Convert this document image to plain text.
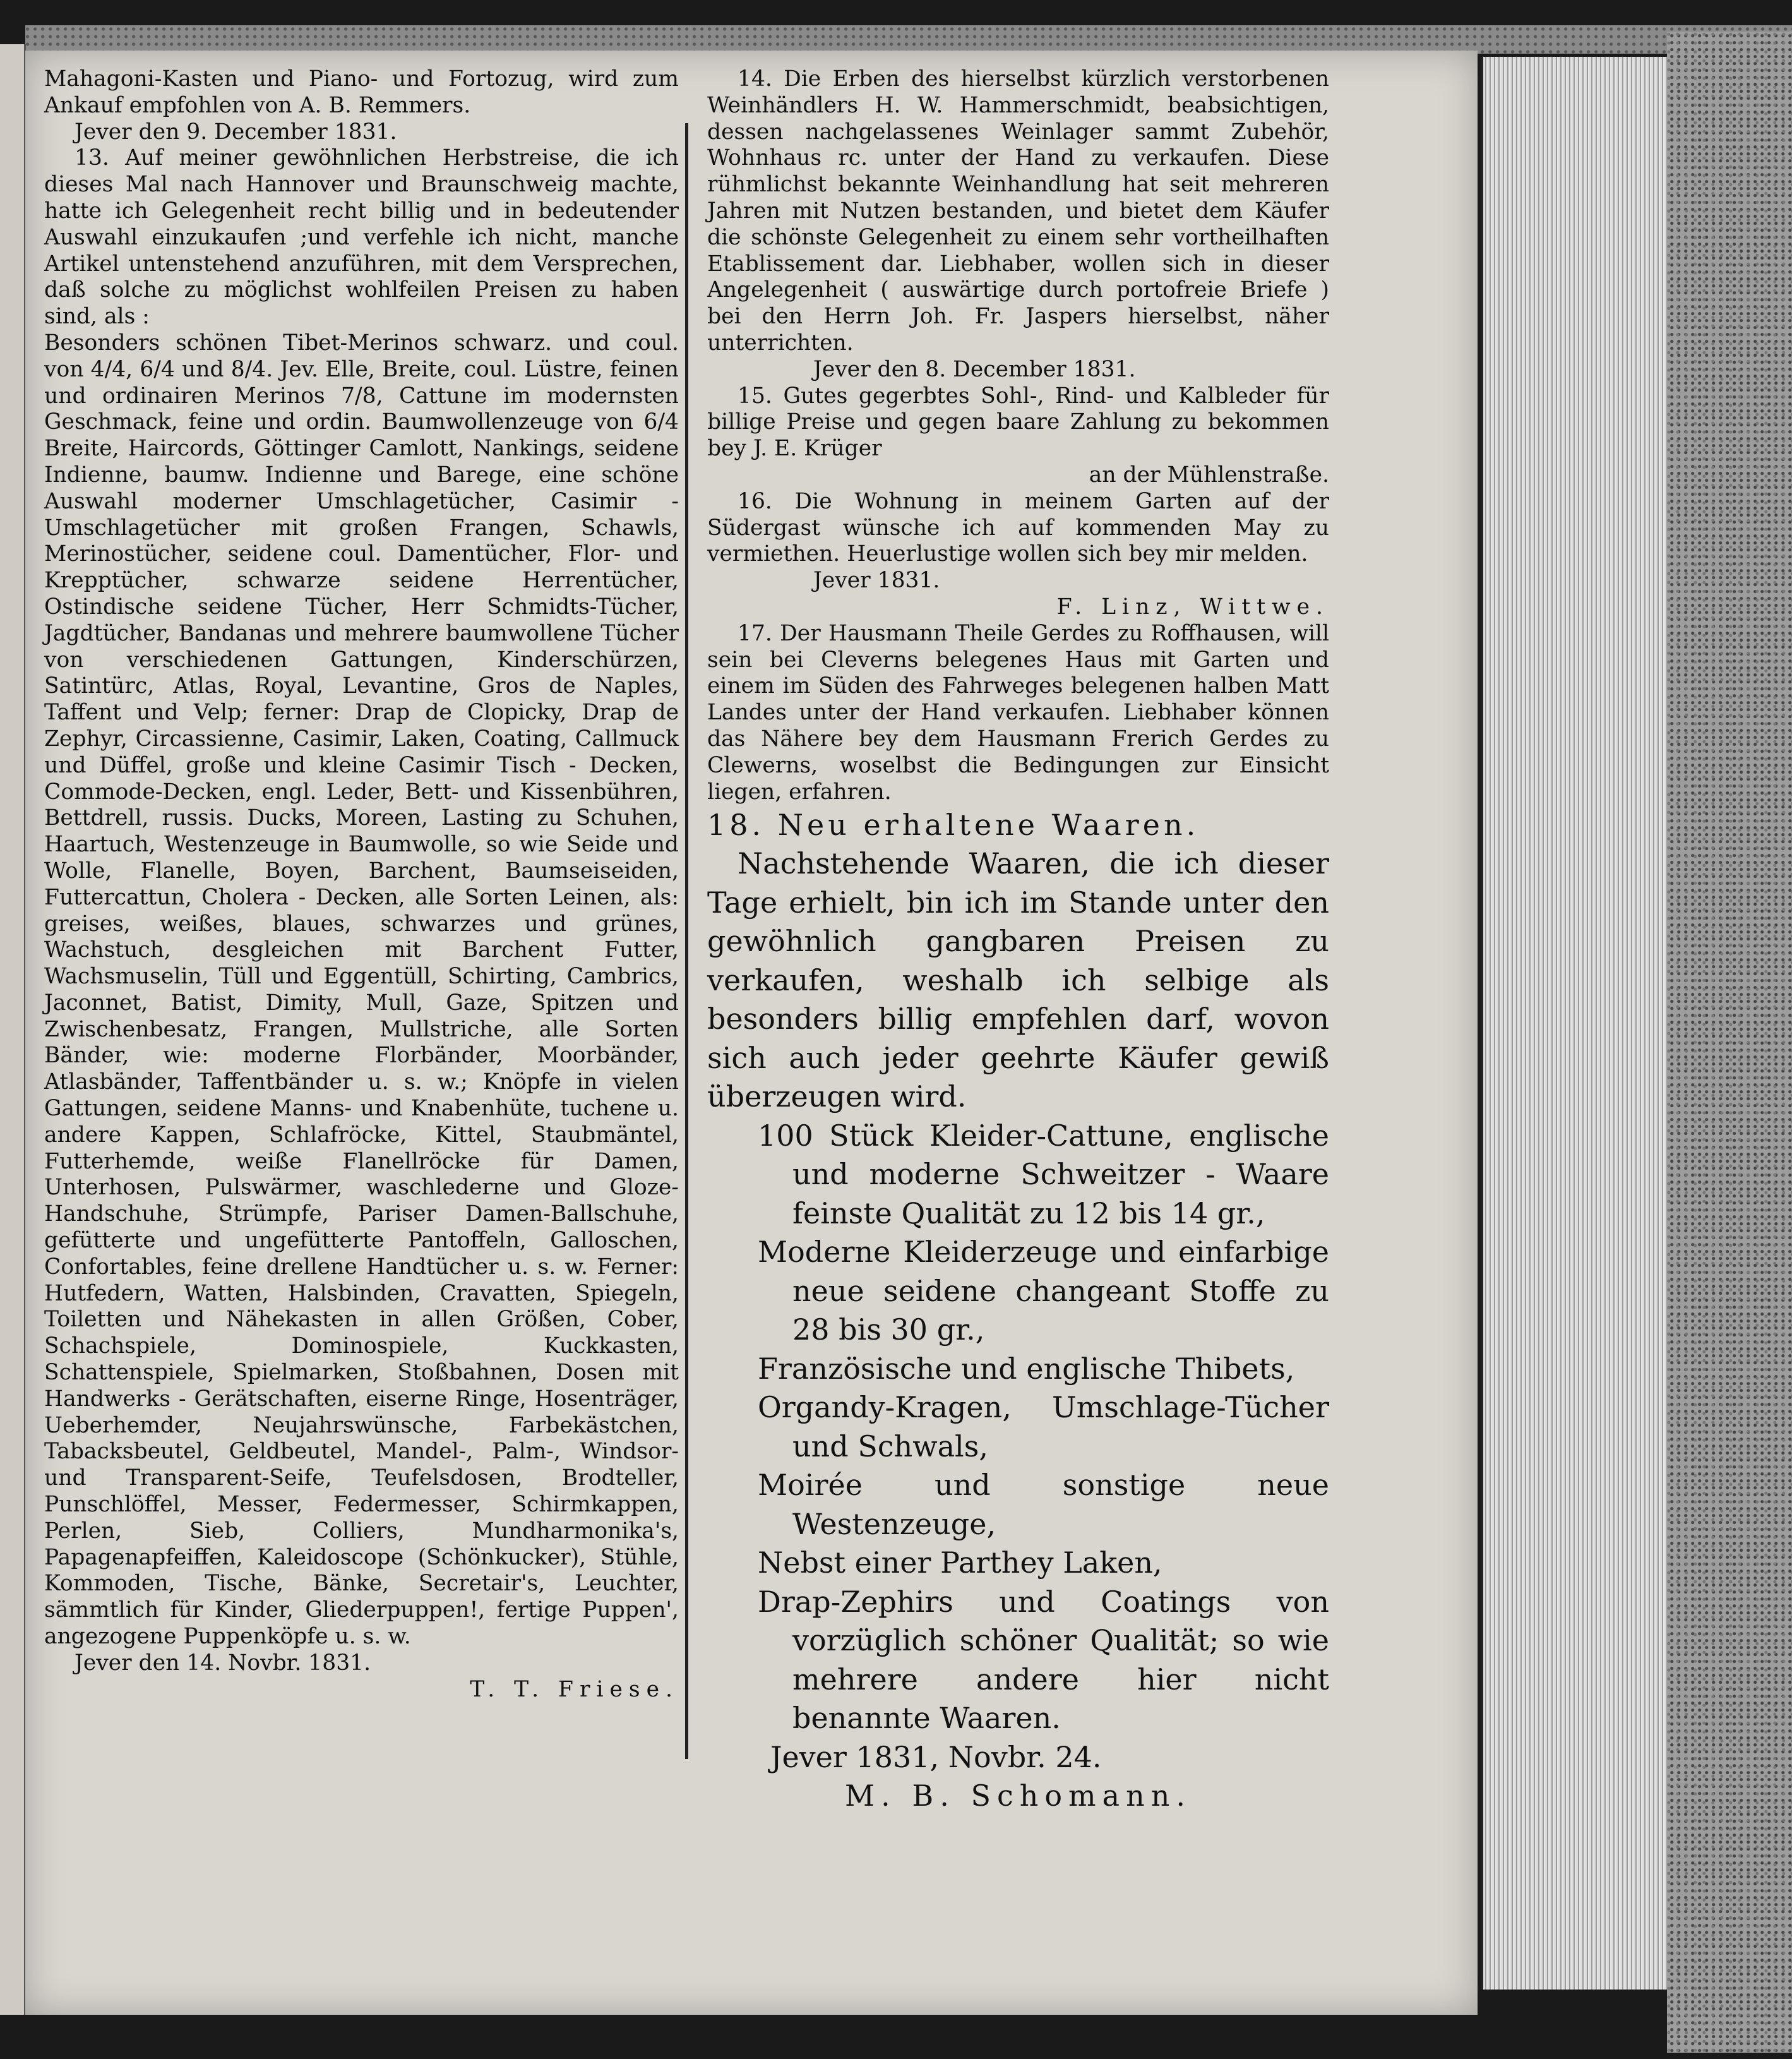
Mahagoni-Kasten und Piano- und Fortozug, wird zum Ankauf empfohlen von A. B. Remmers.

Jever den 9. December 1831.

13. Auf meiner gewöhnlichen Herbstreise, die ich dieses Mal nach Hannover und Braunschweig machte, hatte ich Gelegenheit recht billig und in bedeutender Auswahl einzukaufen ;und verfehle ich nicht, manche Artikel untenstehend anzuführen, mit dem Versprechen, daß solche zu möglichst wohlfeilen Preisen zu haben sind, als :

Besonders schönen Tibet-Merinos schwarz. und coul. von 4/4, 6/4 und 8/4. Jev. Elle, Breite, coul. Lüstre, feinen und ordinairen Merinos 7/8, Cattune im modernsten Geschmack, feine und ordin. Baumwollenzeuge von 6/4 Breite, Haircords, Göttinger Camlott, Nankings, seidene Indienne, baumw. Indienne und Barege, eine schöne Auswahl moderner Umschlagetücher, Casimir - Umschlagetücher mit großen Frangen, Schawls, Merinostücher, seidene coul. Damentücher, Flor- und Krepptücher, schwarze seidene Herrentücher, Ostindische seidene Tücher, Herr Schmidts-Tücher, Jagdtücher, Bandanas und mehrere baumwollene Tücher von verschiedenen Gattungen, Kinderschürzen, Satintürc, Atlas, Royal, Levantine, Gros de Naples, Taffent und Velp; ferner: Drap de Clopicky, Drap de Zephyr, Circassienne, Casimir, Laken, Coating, Callmuck und Düffel, große und kleine Casimir Tisch - Decken, Commode-Decken, engl. Leder, Bett- und Kissenbühren, Bettdrell, russis. Ducks, Moreen, Lasting zu Schuhen, Haartuch, Westenzeuge in Baumwolle, so wie Seide und Wolle, Flanelle, Boyen, Barchent, Baumseiseiden, Futtercattun, Cholera - Decken, alle Sorten Leinen, als: greises, weißes, blaues, schwarzes und grünes, Wachstuch, desgleichen mit Barchent Futter, Wachsmuselin, Tüll und Eggentüll, Schirting, Cambrics, Jaconnet, Batist, Dimity, Mull, Gaze, Spitzen und Zwischenbesatz, Frangen, Mullstriche, alle Sorten Bänder, wie: moderne Florbänder, Moorbänder, Atlasbänder, Taffentbänder u. s. w.; Knöpfe in vielen Gattungen, seidene Manns- und Knabenhüte, tuchene u. andere Kappen, Schlafröcke, Kittel, Staubmäntel, Futterhemde, weiße Flanellröcke für Damen, Unterhosen, Pulswärmer, waschlederne und Gloze-Handschuhe, Strümpfe, Pariser Damen-Ballschuhe, gefütterte und ungefütterte Pantoffeln, Galloschen, Confortables, feine drellene Handtücher u. s. w. Ferner: Hutfedern, Watten, Halsbinden, Cravatten, Spiegeln, Toiletten und Nähekasten in allen Größen, Cober, Schachspiele, Dominospiele, Kuckkasten, Schattenspiele, Spielmarken, Stoßbahnen, Dosen mit Handwerks - Gerätschaften, eiserne Ringe, Hosenträger, Ueberhemder, Neujahrswünsche, Farbekästchen, Tabacksbeutel, Geldbeutel, Mandel-, Palm-, Windsor- und Transparent-Seife, Teufelsdosen, Brodteller, Punschlöffel, Messer, Federmesser, Schirmkappen, Perlen, Sieb, Colliers, Mundharmonika's, Papagenapfeiffen, Kaleidoscope (Schönkucker), Stühle, Kommoden, Tische, Bänke, Secretair's, Leuchter, sämmtlich für Kinder, Gliederpuppen!, fertige Puppen', angezogene Puppenköpfe u. s. w.

Jever den 14. Novbr. 1831.

T. T. Friese.

14. Die Erben des hierselbst kürzlich verstorbenen Weinhändlers H. W. Hammerschmidt, beabsichtigen, dessen nachgelassenes Weinlager sammt Zubehör, Wohnhaus rc. unter der Hand zu verkaufen. Diese rühmlichst bekannte Weinhandlung hat seit mehreren Jahren mit Nutzen bestanden, und bietet dem Käufer die schönste Gelegenheit zu einem sehr vortheilhaften Etablissement dar. Liebhaber, wollen sich in dieser Angelegenheit ( auswärtige durch portofreie Briefe ) bei den Herrn Joh. Fr. Jaspers hierselbst, näher unterrichten.

Jever den 8. December 1831.

15. Gutes gegerbtes Sohl-, Rind- und Kalbleder für billige Preise und gegen baare Zahlung zu bekommen bey J. E. Krüger

an der Mühlenstraße.

16. Die Wohnung in meinem Garten auf der Südergast wünsche ich auf kommenden May zu vermiethen. Heuerlustige wollen sich bey mir melden.

Jever 1831.

F. Linz, Wittwe.

17. Der Hausmann Theile Gerdes zu Roffhausen, will sein bei Cleverns belegenes Haus mit Garten und einem im Süden des Fahrweges belegenen halben Matt Landes unter der Hand verkaufen. Liebhaber können das Nähere bey dem Hausmann Frerich Gerdes zu Clewerns, woselbst die Bedingungen zur Einsicht liegen, erfahren.

18. Neu erhaltene Waaren.

Nachstehende Waaren, die ich dieser Tage erhielt, bin ich im Stande unter den gewöhnlich gangbaren Preisen zu verkaufen, weshalb ich selbige als besonders billig empfehlen darf, wovon sich auch jeder geehrte Käufer gewiß überzeugen wird.

100 Stück Kleider-Cattune, englische und moderne Schweitzer - Waare feinste Qualität zu 12 bis 14 gr.,

Moderne Kleiderzeuge und einfarbige neue seidene changeant Stoffe zu 28 bis 30 gr.,

Französische und englische Thibets,

Organdy-Kragen, Umschlage-Tücher und Schwals,

Moirée und sonstige neue Westenzeuge,

Nebst einer Parthey Laken,

Drap-Zephirs und Coatings von vorzüglich schöner Qualität; so wie mehrere andere hier nicht benannte Waaren.

Jever 1831, Novbr. 24.

M. B. Schomann.
